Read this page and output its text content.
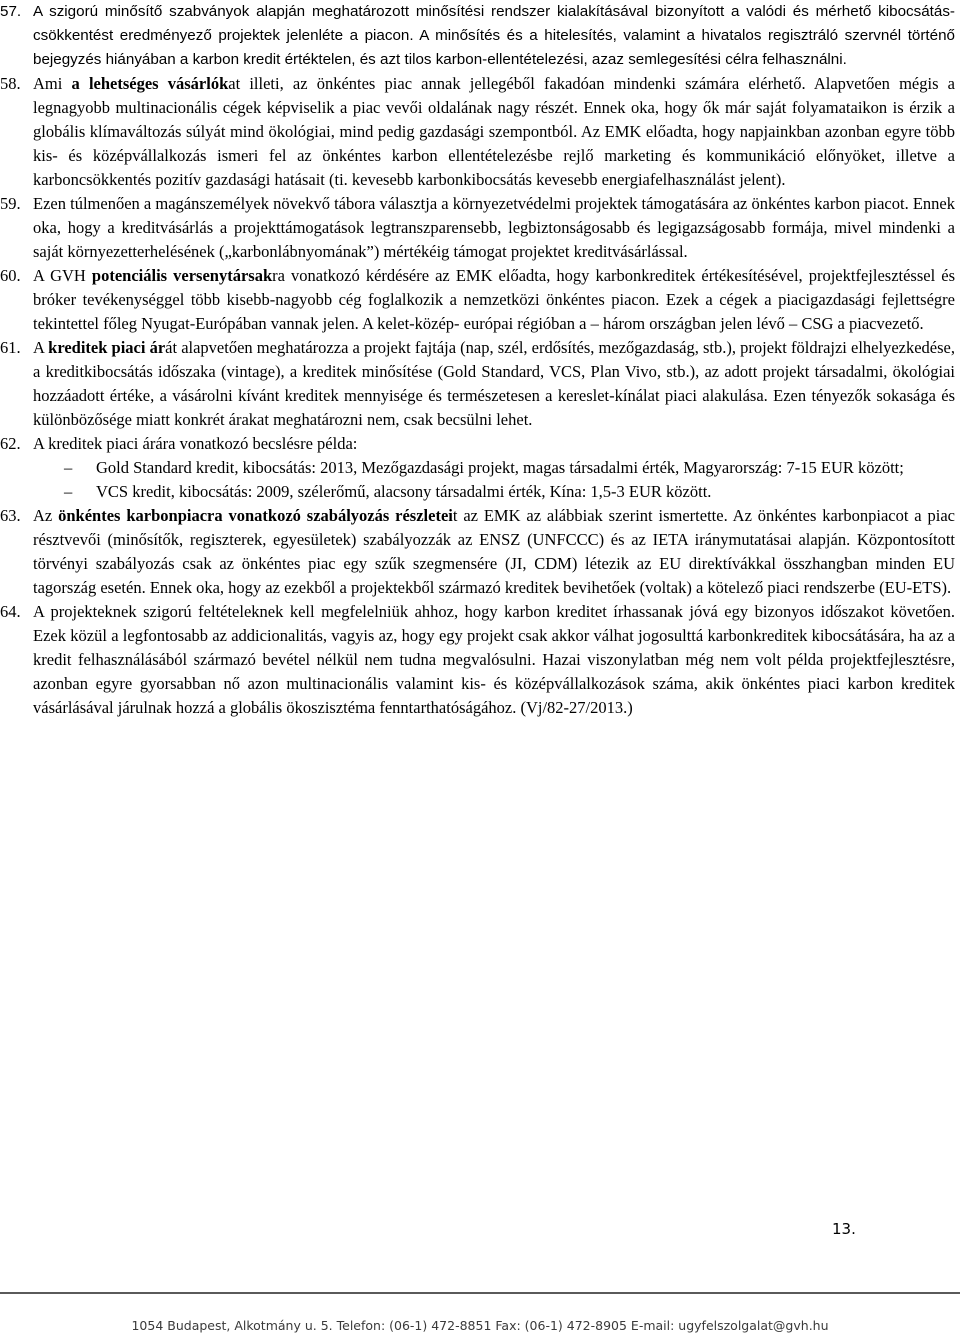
57. A szigorú minősítő szabványok alapján meghatározott minősítési rendszer kialakításával bizonyított a valódi és mérhető kibocsátás-csökkentést eredményező projektek jelenléte a piacon. A minősítés és a hitelesítés, valamint a hivatalos regisztráló szervnél történő bejegyzés hiányában a karbon kredit értéktelen, és azt tilos karbon-ellentételezési, azaz semlegesítési célra felhasználni.
58. Ami a lehetséges vásárlókat illeti, az önkéntes piac annak jellegéből fakadóan mindenki számára elérhető. Alapvetően mégis a legnagyobb multinacionális cégek képviselik a piac vevői oldalának nagy részét. Ennek oka, hogy ők már saját folyamataikon is érzik a globális klímaváltozás súlyát mind ökológiai, mind pedig gazdasági szempontból. Az EMK előadta, hogy napjainkban azonban egyre több kis- és középvállalkozás ismeri fel az önkéntes karbon ellentételezésbe rejlő marketing és kommunikáció előnyöket, illetve a karboncsökkentés pozitív gazdasági hatásait (ti. kevesebb karbonkibocsátás kevesebb energiafelhasználást jelent).
59. Ezen túlmenően a magánszemélyek növekvő tábora választja a környezetvédelmi projektek támogatására az önkéntes karbon piacot. Ennek oka, hogy a kreditvásárlás a projekttámogatások legtranszparensebb, legbiztonságosabb és legigazságosabb formája, mivel mindenki a saját környezetterhelésének („karbonlábnyomának”) mértékéig támogat projektet kreditvásárlással.
60. A GVH potenciális versenytársakra vonatkozó kérdésére az EMK előadta, hogy karbonkreditek értékesítésével, projektfejlesztéssel és bróker tevékenységgel több kisebb-nagyobb cég foglalkozik a nemzetközi önkéntes piacon. Ezek a cégek a piacigazdasági fejlettségre tekintettel főleg Nyugat-Európában vannak jelen. A kelet-közép- európai régióban a – három országban jelen lévő – CSG a piacvezető.
61. A kreditek piaci árát alapvetően meghatározza a projekt fajtája (nap, szél, erdősítés, mezőgazdaság, stb.), projekt földrajzi elhelyezkedése, a kreditkibocsátás időszaka (vintage), a kreditek minősítése (Gold Standard, VCS, Plan Vivo, stb.), az adott projekt társadalmi, ökológiai hozzáadott értéke, a vásárolni kívánt kreditek mennyisége és természetesen a kereslet-kínálat piaci alakulása. Ezen tényezők sokasága és különbözősége miatt konkrét árakat meghatározni nem, csak becsülni lehet.
62. A kreditek piaci árára vonatkozó becslésre példa:
– Gold Standard kredit, kibocsátás: 2013, Mezőgazdasági projekt, magas társadalmi érték, Magyarország: 7-15 EUR között;
– VCS kredit, kibocsátás: 2009, szélerőmű, alacsony társadalmi érték, Kína: 1,5-3 EUR között.
63. Az önkéntes karbonpiacra vonatkozó szabályozás részleteit az EMK az alábbiak szerint ismertette. Az önkéntes karbonpiacot a piac résztvevői (minősítők, regiszterek, egyesületek) szabályozzák az ENSZ (UNFCCC) és az IETA iránymutatásai alapján. Központosított törvényi szabályozás csak az önkéntes piac egy szűk szegmensére (JI, CDM) létezik az EU direktívákkal összhangban minden EU tagország esetén. Ennek oka, hogy az ezekből a projektekből származó kreditek bevihetőek (voltak) a kötelező piaci rendszerbe (EU-ETS).
64. A projekteknek szigorú feltételeknek kell megfelelniük ahhoz, hogy karbon kreditet írhassanak jóvá egy bizonyos időszakot követően. Ezek közül a legfontosabb az addicionalitás, vagyis az, hogy egy projekt csak akkor válhat jogosulttá karbonkreditek kibocsátására, ha az a kredit felhasználásából származó bevétel nélkül nem tudna megvalósulni. Hazai viszonylatban még nem volt példa projektfejlesztésre, azonban egyre gyorsabban nő azon multinacionális valamint kis- és középvállalkozások száma, akik önkéntes piaci karbon kreditek vásárlásával járulnak hozzá a globális ökoszisztéma fenntarthatóságához. (Vj/82-27/2013.)
13.
1054 Budapest, Alkotmány u. 5. Telefon: (06-1) 472-8851 Fax: (06-1) 472-8905 E-mail: ugyfelszolgalat@gvh.hu
